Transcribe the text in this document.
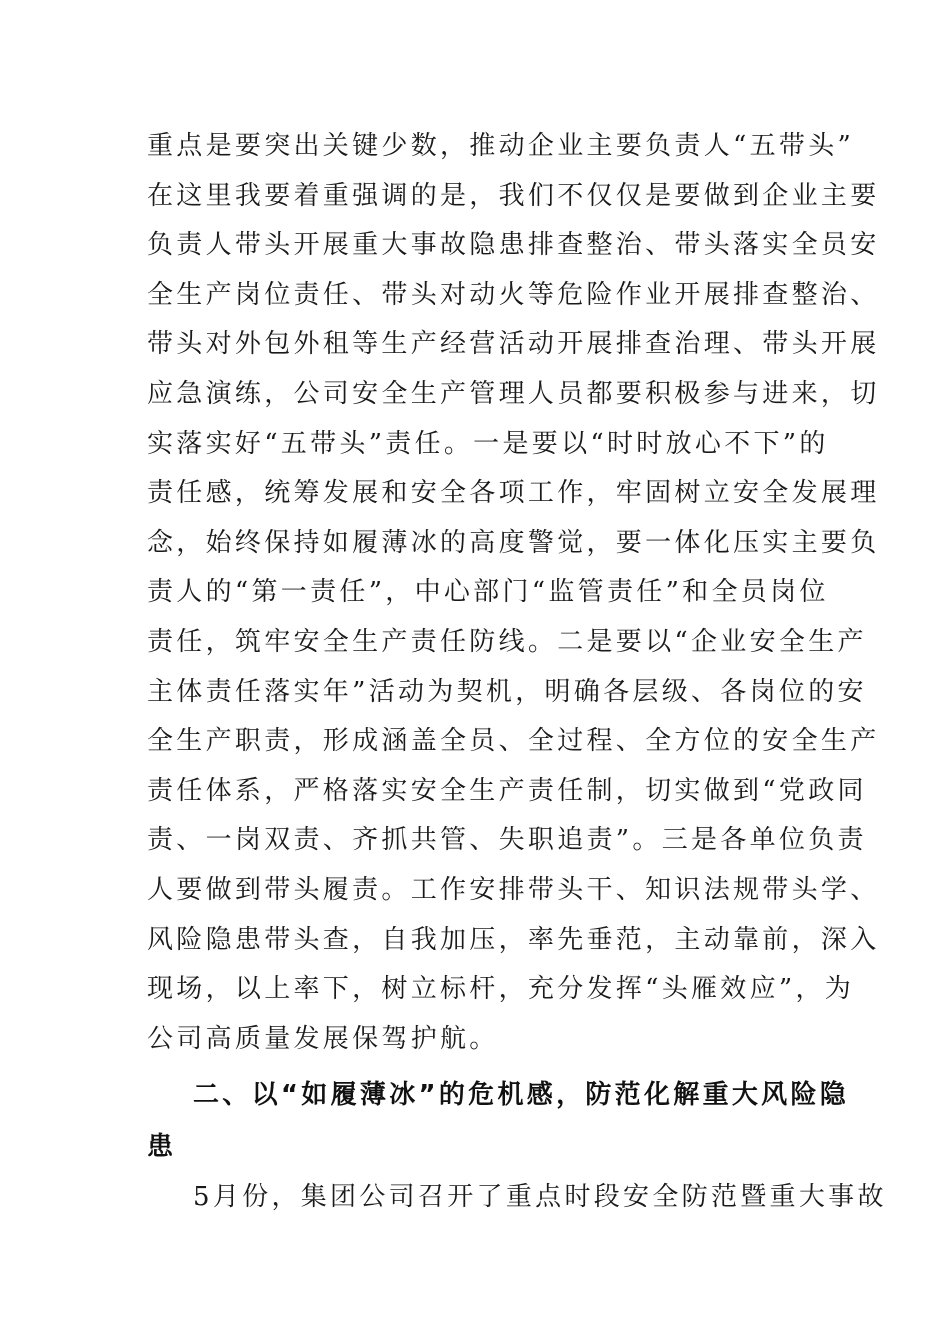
重点是要突出关键少数，推动企业主要负责人“五带头”
在这里我要着重强调的是，我们不仅仅是要做到企业主要
负责人带头开展重大事故隐患排查整治、带头落实全员安
全生产岗位责任、带头对动火等危险作业开展排查整治、
带头对外包外租等生产经营活动开展排查治理、带头开展
应急演练，公司安全生产管理人员都要积极参与进来，切
实落实好“五带头”责任。一是要以“时时放心不下”的
责任感，统筹发展和安全各项工作，牢固树立安全发展理
念，始终保持如履薄冰的高度警觉，要一体化压实主要负
责人的“第一责任”，中心部门“监管责任”和全员岗位
责任，筑牢安全生产责任防线。二是要以“企业安全生产
主体责任落实年”活动为契机，明确各层级、各岗位的安
全生产职责，形成涵盖全员、全过程、全方位的安全生产
责任体系，严格落实安全生产责任制，切实做到“党政同
责、一岗双责、齐抓共管、失职追责”。三是各单位负责
人要做到带头履责。工作安排带头干、知识法规带头学、
风险隐患带头查，自我加压，率先垂范，主动靠前，深入
现场，以上率下，树立标杆，充分发挥“头雁效应”，为
公司高质量发展保驾护航。
二、以“如履薄冰”的危机感，防范化解重大风险隐
患
5月份，集团公司召开了重点时段安全防范暨重大事故
